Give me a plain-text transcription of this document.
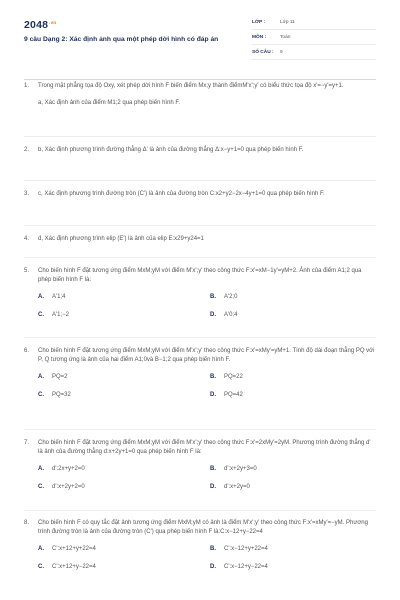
$2048^{.vn}$
9 câu Dạng 2: Xác định ảnh qua một phép dời hình có đáp án
LỚP :	Lớp 11
MÔN :	Toán
SỐ CÂU :	9
1.	Trong mặt phẳng tọa độ Oxy, xét phép dời hình F biến điểm Mx;y thành điểmM'x';y' có biểu thức tọa độ x'=−y'=y+1.
a, Xác định ảnh của điểm M1;2 qua phép biến hình F.
2.	b, Xác định phương trình đường thẳng Δ' là ảnh của đường thẳng Δ:x−y+1=0 qua phép biến hình F.
3.	c, Xác định phương trình đường tròn (C') là ảnh của đường tròn C:x2+y2−2x−4y+1=0 qua phép biến hình F.
4.	d, Xác định phương trình elip (E') là ảnh của elip E:x29+y24=1
5.	Cho biến hình F đặt tương ứng điểm MxM;yM với điểm M'x';y' theo công thức F:x'=xM−1y'=yM+2. Ảnh của điểm A1;2 qua phép biến hình F là:
A.	A'1;4	B.	A'2;0
C.	A'1;−2	D.	A'0;4
6.	Cho biến hình F đặt tương ứng điểm MxM;yM với điểm M'x';y' theo công thức F:x'=xMy'=yM+1. Tính độ dài đoạn thẳng PQ với P, Q tương ứng là ảnh của hai điểm A1;0và B−1;2 qua phép biến hình F.
A.	PQ=2	B.	PQ=22
C.	PQ=32	D.	PQ=42
7.	Cho biến hình F đặt tương ứng điểm MxM;yM với điểm M'x';y' theo công thức F:x'=2xMy'=2yM. Phương trình đường thẳng d' là ảnh của đường thẳng d:x+2y+1=0 qua phép biến hình F là:
A.	d':2x+y+2=0	B.	d':x+2y+3=0
C.	d':x+2y+2=0	D.	d':x+2y=0
8.	Cho biến hình F có quy tắc đặt ảnh tương ứng điểm MxM;yM có ảnh là điểm M'x';y' theo công thức F:x'=xMy'=−yM. Phương trình đường tròn là ảnh của đường tròn (C') qua phép biến hình F là:C:x−12+y−22=4
A.	C':x+12+y+22=4	B.	C':x−12+y+22=4
C.	C':x+12+y−22=4	D.	C':x−12+y−22=4
